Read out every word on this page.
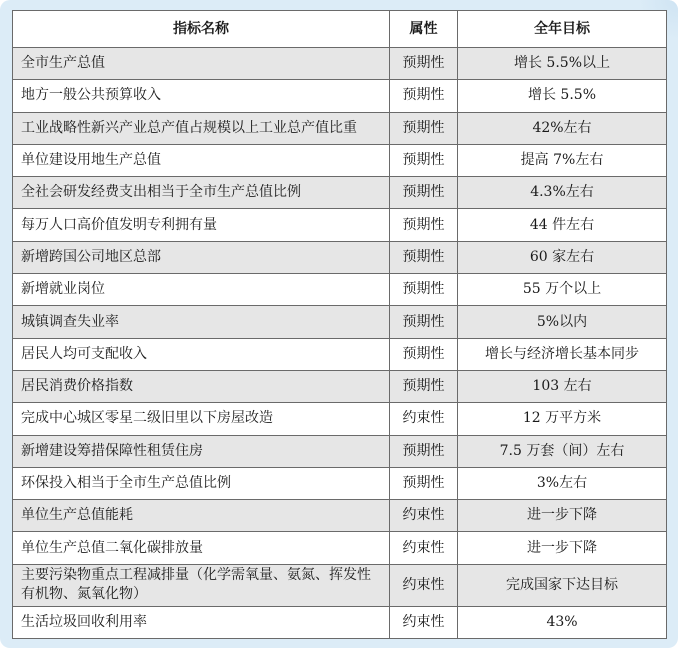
指标名称	属性	全年目标
全市生产总值	预期性	增长 5.5%以上
地方一般公共预算收入	预期性	增长 5.5%
工业战略性新兴产业总产值占规模以上工业总产值比重	预期性	42%左右
单位建设用地生产总值	预期性	提高 7%左右
全社会研发经费支出相当于全市生产总值比例	预期性	4.3%左右
每万人口高价值发明专利拥有量	预期性	44 件左右
新增跨国公司地区总部	预期性	60 家左右
新增就业岗位	预期性	55 万个以上
城镇调查失业率	预期性	5%以内
居民人均可支配收入	预期性	增长与经济增长基本同步
居民消费价格指数	预期性	103 左右
完成中心城区零星二级旧里以下房屋改造	约束性	12 万平方米
新增建设筹措保障性租赁住房	预期性	7.5 万套（间）左右
环保投入相当于全市生产总值比例	预期性	3%左右
单位生产总值能耗	约束性	进一步下降
单位生产总值二氧化碳排放量	约束性	进一步下降
主要污染物重点工程减排量（化学需氧量、氨氮、挥发性有机物、氮氧化物）	约束性	完成国家下达目标
生活垃圾回收利用率	约束性	43%
